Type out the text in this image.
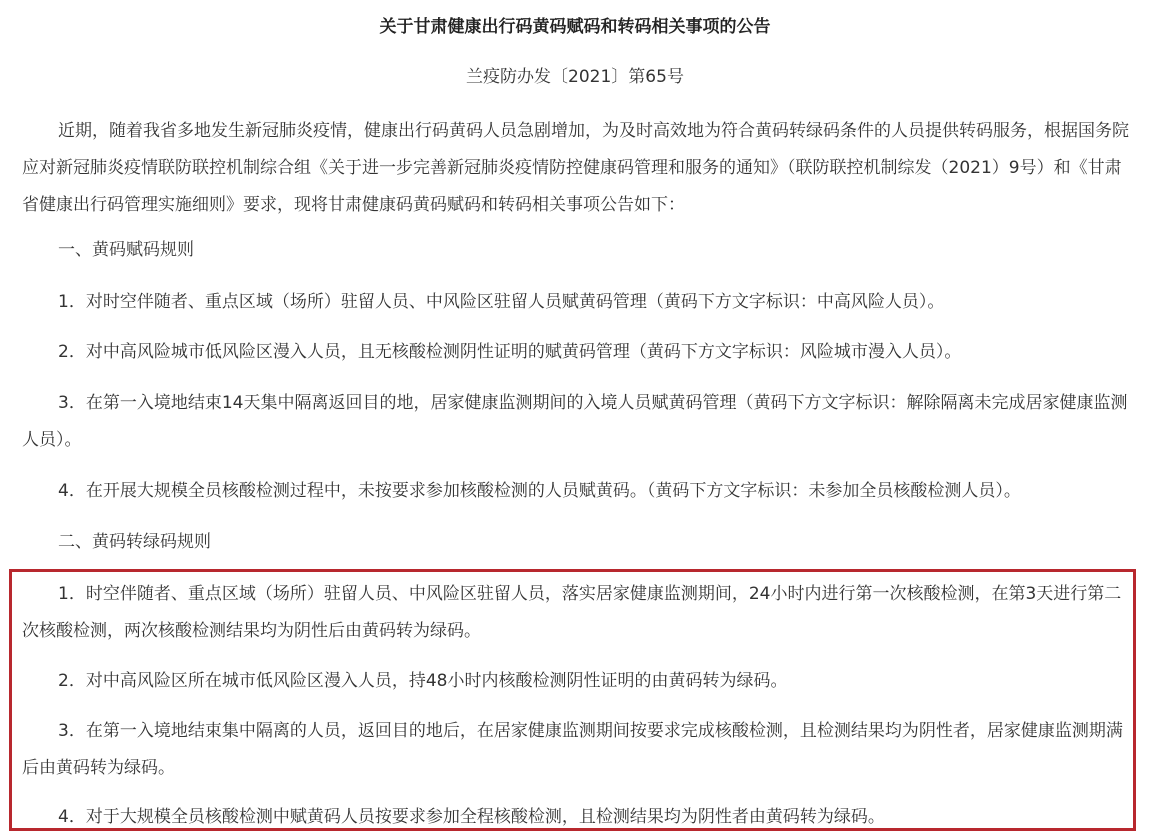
关于甘肃健康出行码黄码赋码和转码相关事项的公告
兰疫防办发〔2021〕第65号

近期，随着我省多地发生新冠肺炎疫情，健康出行码黄码人员急剧增加，为及时高效地为符合黄码转绿码条件的人员提供转码服务，根据国务院应对新冠肺炎疫情联防联控机制综合组《关于进一步完善新冠肺炎疫情防控健康码管理和服务的通知》（联防联控机制综发（2021）9号）和《甘肃省健康出行码管理实施细则》要求，现将甘肃健康码黄码赋码和转码相关事项公告如下：

一、黄码赋码规则

1．对时空伴随者、重点区域（场所）驻留人员、中风险区驻留人员赋黄码管理（黄码下方文字标识：中高风险人员）。

2．对中高风险城市低风险区漫入人员，且无核酸检测阴性证明的赋黄码管理（黄码下方文字标识：风险城市漫入人员）。

3．在第一入境地结束14天集中隔离返回目的地，居家健康监测期间的入境人员赋黄码管理（黄码下方文字标识：解除隔离未完成居家健康监测人员）。

4．在开展大规模全员核酸检测过程中，未按要求参加核酸检测的人员赋黄码。（黄码下方文字标识：未参加全员核酸检测人员）。

二、黄码转绿码规则

1．时空伴随者、重点区域（场所）驻留人员、中风险区驻留人员，落实居家健康监测期间，24小时内进行第一次核酸检测，在第3天进行第二次核酸检测，两次核酸检测结果均为阴性后由黄码转为绿码。

2．对中高风险区所在城市低风险区漫入人员，持48小时内核酸检测阴性证明的由黄码转为绿码。

3．在第一入境地结束集中隔离的人员，返回目的地后，在居家健康监测期间按要求完成核酸检测，且检测结果均为阴性者，居家健康监测期满后由黄码转为绿码。

4．对于大规模全员核酸检测中赋黄码人员按要求参加全程核酸检测，且检测结果均为阴性者由黄码转为绿码。
